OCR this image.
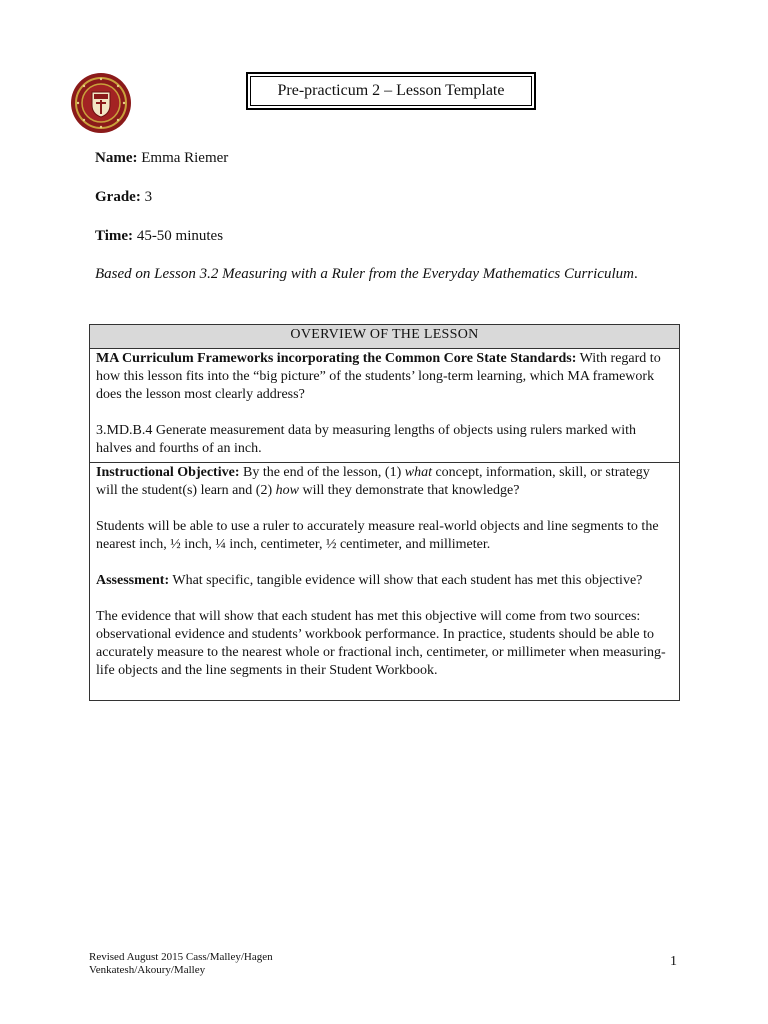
Pre-practicum 2 – Lesson Template
Name: Emma Riemer
Grade: 3
Time: 45-50 minutes
Based on Lesson 3.2 Measuring with a Ruler from the Everyday Mathematics Curriculum.
OVERVIEW OF THE LESSON

MA Curriculum Frameworks incorporating the Common Core State Standards: With regard to how this lesson fits into the “big picture” of the students’ long-term learning, which MA framework does the lesson most clearly address?

3.MD.B.4 Generate measurement data by measuring lengths of objects using rulers marked with halves and fourths of an inch.

Instructional Objective: By the end of the lesson, (1) what concept, information, skill, or strategy will the student(s) learn and (2) how will they demonstrate that knowledge?

Students will be able to use a ruler to accurately measure real-world objects and line segments to the nearest inch, ½ inch, ¼ inch, centimeter, ½ centimeter, and millimeter.

Assessment: What specific, tangible evidence will show that each student has met this objective?

The evidence that will show that each student has met this objective will come from two sources: observational evidence and students’ workbook performance. In practice, students should be able to accurately measure to the nearest whole or fractional inch, centimeter, or millimeter when measuring-life objects and the line segments in their Student Workbook.

Revised August 2015 Cass/Malley/Hagen
Venkatesh/Akoury/Malley
1
